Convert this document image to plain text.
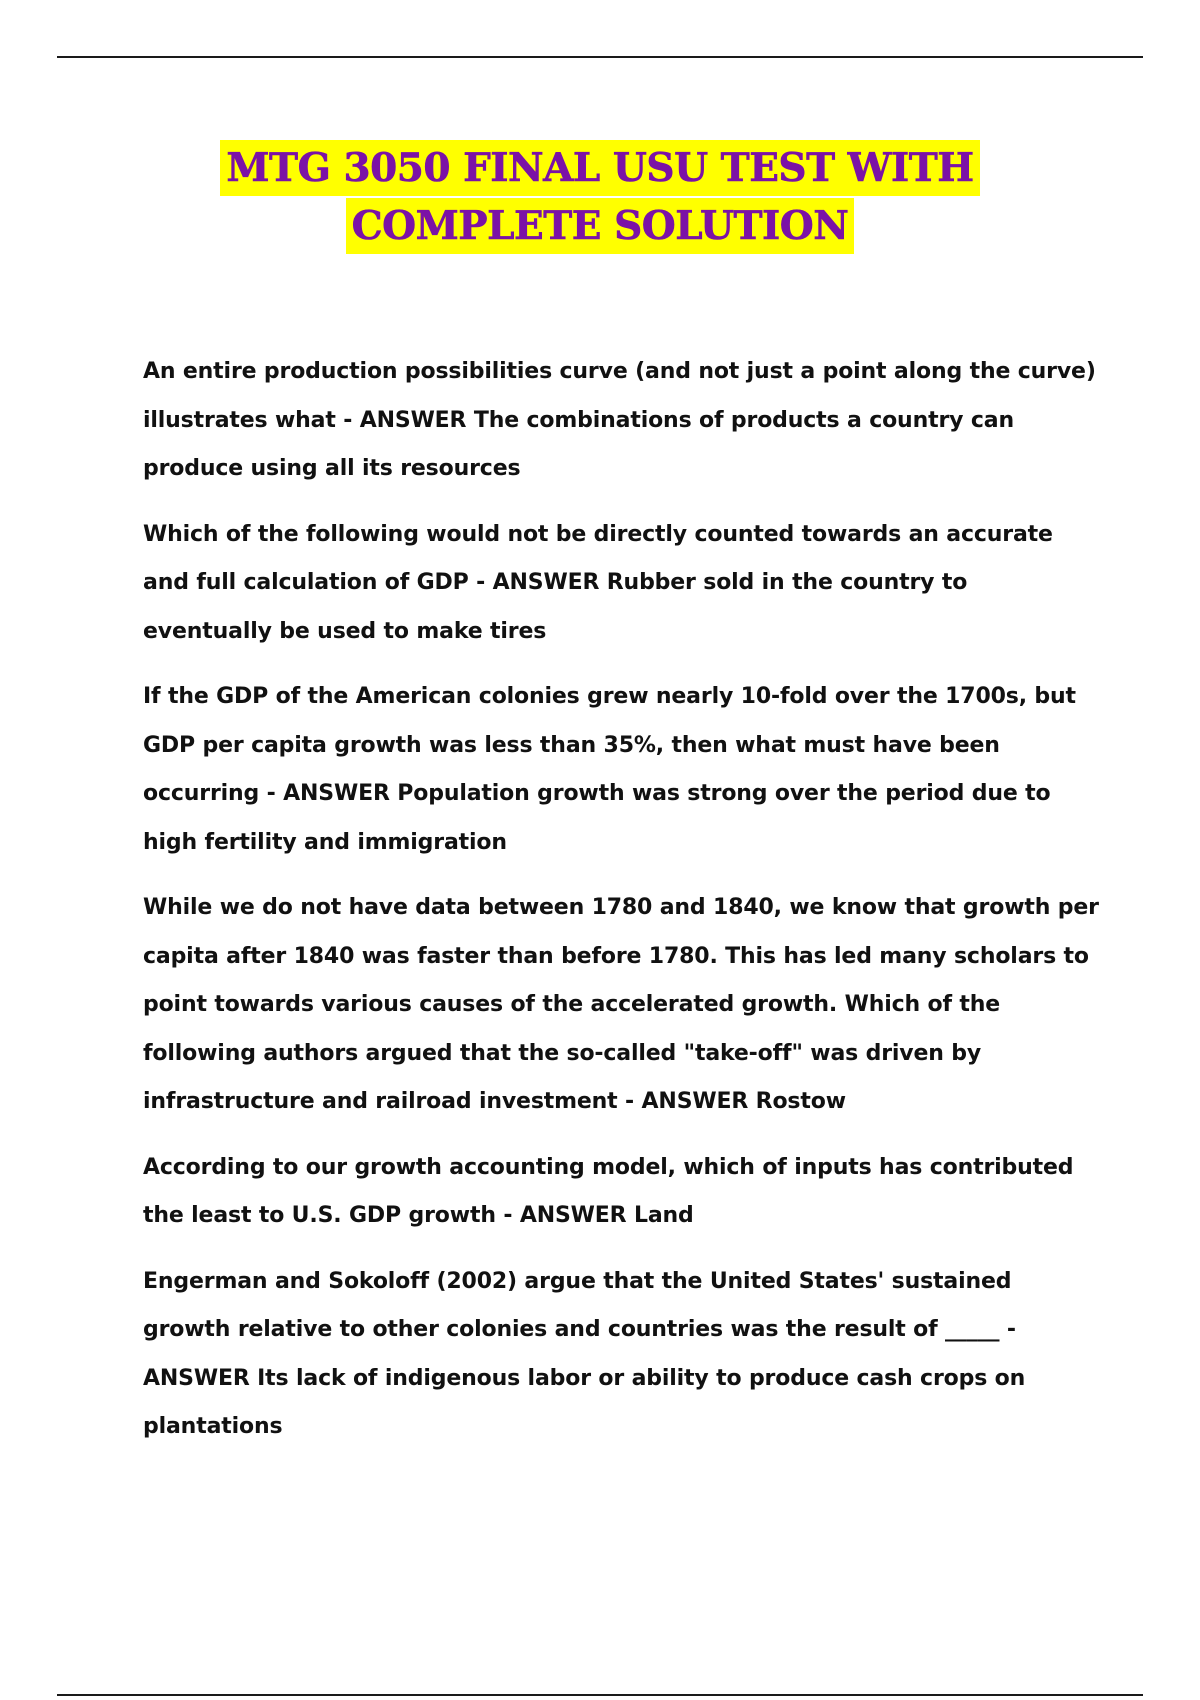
MTG 3050 FINAL USU TEST WITH
COMPLETE SOLUTION

An entire production possibilities curve (and not just a point along the curve) illustrates what - ANSWER The combinations of products a country can produce using all its resources

Which of the following would not be directly counted towards an accurate and full calculation of GDP - ANSWER Rubber sold in the country to eventually be used to make tires

If the GDP of the American colonies grew nearly 10-fold over the 1700s, but GDP per capita growth was less than 35%, then what must have been occurring - ANSWER Population growth was strong over the period due to high fertility and immigration

While we do not have data between 1780 and 1840, we know that growth per capita after 1840 was faster than before 1780. This has led many scholars to point towards various causes of the accelerated growth. Which of the following authors argued that the so-called "take-off" was driven by infrastructure and railroad investment - ANSWER Rostow

According to our growth accounting model, which of inputs has contributed the least to U.S. GDP growth - ANSWER Land

Engerman and Sokoloff (2002) argue that the United States' sustained growth relative to other colonies and countries was the result of _____ - ANSWER Its lack of indigenous labor or ability to produce cash crops on plantations
